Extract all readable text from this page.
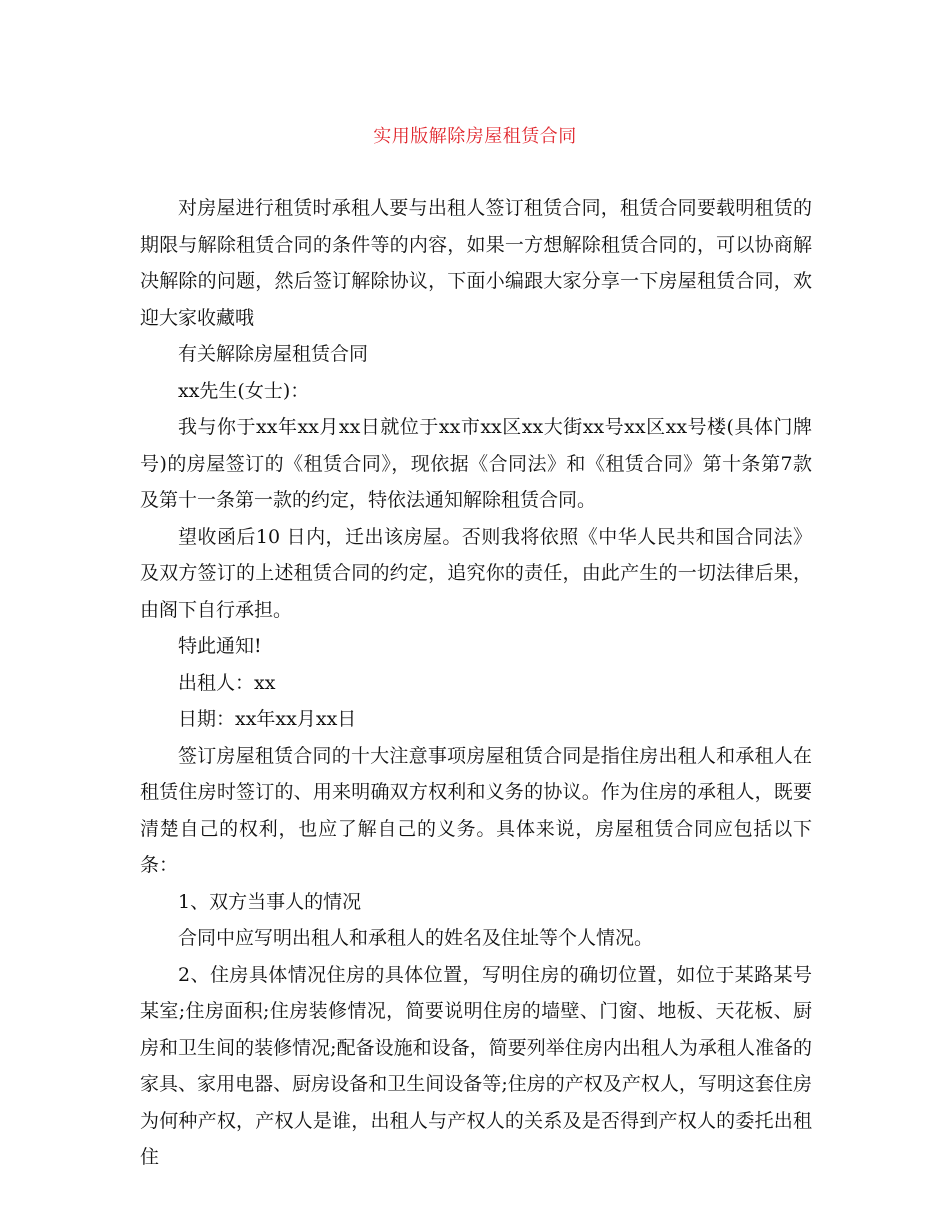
实用版解除房屋租赁合同

对房屋进行租赁时承租人要与出租人签订租赁合同，租赁合同要载明租赁的期限与解除租赁合同的条件等的内容，如果一方想解除租赁合同的，可以协商解决解除的问题，然后签订解除协议，下面小编跟大家分享一下房屋租赁合同，欢迎大家收藏哦

有关解除房屋租赁合同

xx先生(女士)：

我与你于xx年xx月xx日就位于xx市xx区xx大街xx号xx区xx号楼(具体门牌号)的房屋签订的《租赁合同》，现依据《合同法》和《租赁合同》第十条第7款及第十一条第一款的约定，特依法通知解除租赁合同。

望收函后10 日内，迁出该房屋。否则我将依照《中华人民共和国合同法》及双方签订的上述租赁合同的约定，追究你的责任，由此产生的一切法律后果，由阁下自行承担。

特此通知!

出租人：xx

日期：xx年xx月xx日

签订房屋租赁合同的十大注意事项房屋租赁合同是指住房出租人和承租人在租赁住房时签订的、用来明确双方权利和义务的协议。作为住房的承租人，既要清楚自己的权利，也应了解自己的义务。具体来说，房屋租赁合同应包括以下条：

1、双方当事人的情况

合同中应写明出租人和承租人的姓名及住址等个人情况。

2、住房具体情况住房的具体位置，写明住房的确切位置，如位于某路某号某室;住房面积;住房装修情况，简要说明住房的墙壁、门窗、地板、天花板、厨房和卫生间的装修情况;配备设施和设备，简要列举住房内出租人为承租人准备的家具、家用电器、厨房设备和卫生间设备等;住房的产权及产权人，写明这套住房为何种产权，产权人是谁，出租人与产权人的关系及是否得到产权人的委托出租住
